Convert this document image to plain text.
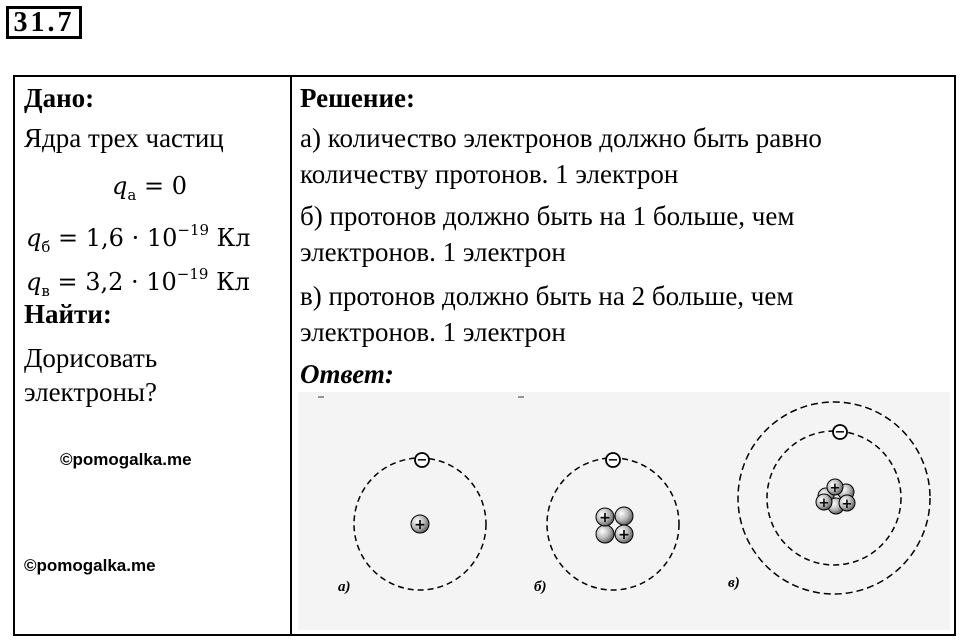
31.7
Дано:
Ядра трех частиц
$q_а = 0$
$q_б = 1,6 \cdot 10^{-19}$ Кл
$q_в = 3,2 \cdot 10^{-19}$ Кл
Найти:
Дорисовать
электроны?
©pomogalka.me
©pomogalka.me
Решение:
а) количество электронов должно быть равно
количеству протонов. 1 электрон
б) протонов должно быть на 1 больше, чем
электронов. 1 электрон
в) протонов должно быть на 2 больше, чем
электронов. 1 электрон
Ответ:
−
+
а)
−
+
+
б)
−
+
+ +
в)
